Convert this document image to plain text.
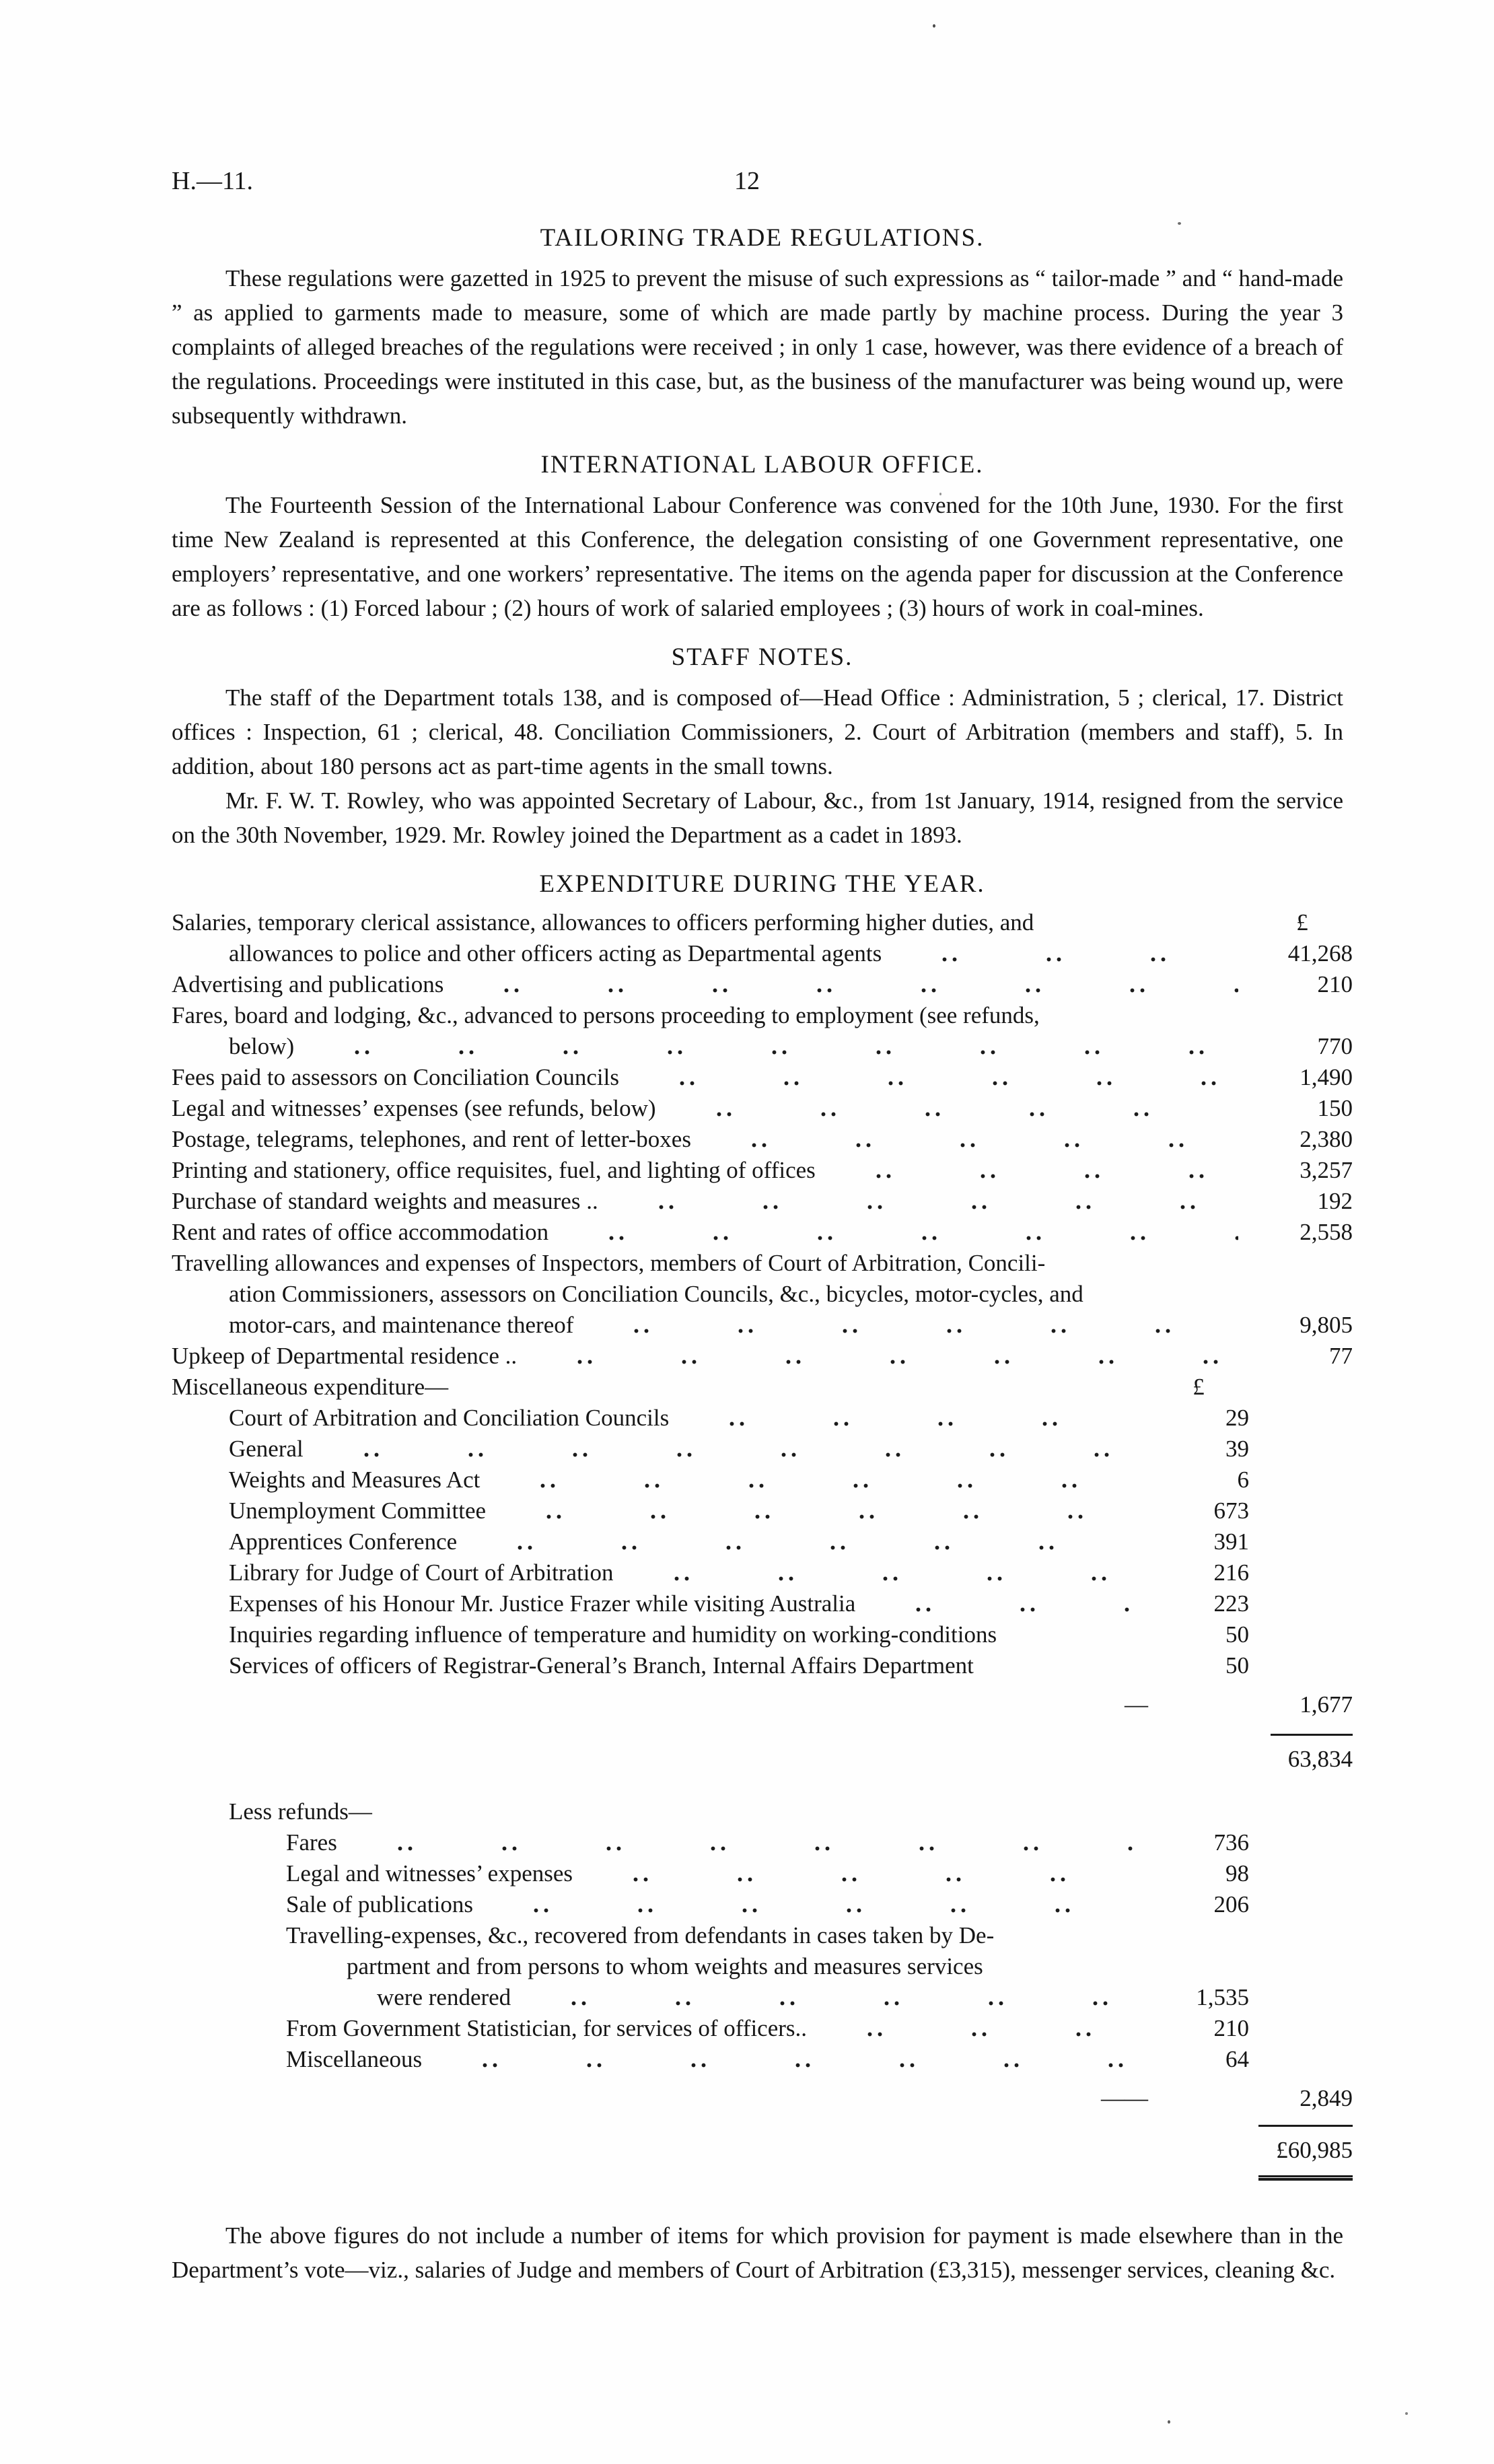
H.—11.	12
TAILORING TRADE REGULATIONS.

These regulations were gazetted in 1925 to prevent the misuse of such expressions as “ tailor-made ” and “ hand-made ” as applied to garments made to measure, some of which are made partly by machine process. During the year 3 complaints of alleged breaches of the regulations were received ; in only 1 case, however, was there evidence of a breach of the regulations. Proceedings were instituted in this case, but, as the business of the manufacturer was being wound up, were subsequently withdrawn.

INTERNATIONAL LABOUR OFFICE.

The Fourteenth Session of the International Labour Conference was convened for the 10th June, 1930. For the first time New Zealand is represented at this Conference, the delegation consisting of one Government representative, one employers’ representative, and one workers’ representative. The items on the agenda paper for discussion at the Conference are as follows : (1) Forced labour ; (2) hours of work of salaried employees ; (3) hours of work in coal-mines.

STAFF NOTES.

The staff of the Department totals 138, and is composed of—Head Office : Administration, 5 ; clerical, 17. District offices : Inspection, 61 ; clerical, 48. Conciliation Commissioners, 2. Court of Arbitration (members and staff), 5. In addition, about 180 persons act as part-time agents in the small towns.

Mr. F. W. T. Rowley, who was appointed Secretary of Labour, &c., from 1st January, 1914, resigned from the service on the 30th November, 1929. Mr. Rowley joined the Department as a cadet in 1893.

EXPENDITURE DURING THE YEAR.
Salaries, temporary clerical assistance, allowances to officers performing higher duties, and	£
allowances to police and other officers acting as Departmental agents	41,268
Advertising and publications	210
Fares, board and lodging, &c., advanced to persons proceeding to employment (see refunds,
below)	770
Fees paid to assessors on Conciliation Councils	1,490
Legal and witnesses’ expenses (see refunds, below)	150
Postage, telegrams, telephones, and rent of letter-boxes	2,380
Printing and stationery, office requisites, fuel, and lighting of offices	3,257
Purchase of standard weights and measures ..	192
Rent and rates of office accommodation	2,558
Travelling allowances and expenses of Inspectors, members of Court of Arbitration, Concili-
ation Commissioners, assessors on Conciliation Councils, &c., bicycles, motor-cycles, and
motor-cars, and maintenance thereof	9,805
Upkeep of Departmental residence ..	77
Miscellaneous expenditure—	£
Court of Arbitration and Conciliation Councils	29
General	39
Weights and Measures Act	6
Unemployment Committee	673
Apprentices Conference	391
Library for Judge of Court of Arbitration	216
Expenses of his Honour Mr. Justice Frazer while visiting Australia	223
Inquiries regarding influence of temperature and humidity on working-conditions	50
Services of officers of Registrar-General’s Branch, Internal Affairs Department	50
—	1,677
63,834
Less refunds—
Fares	736
Legal and witnesses’ expenses	98
Sale of publications	206
Travelling-expenses, &c., recovered from defendants in cases taken by De-
partment and from persons to whom weights and measures services
were rendered	1,535
From Government Statistician, for services of officers..	210
Miscellaneous	64
——	2,849
£60,985

The above figures do not include a number of items for which provision for payment is made elsewhere than in the Department’s vote—viz., salaries of Judge and members of Court of Arbitration (£3,315), messenger services, cleaning &c.
